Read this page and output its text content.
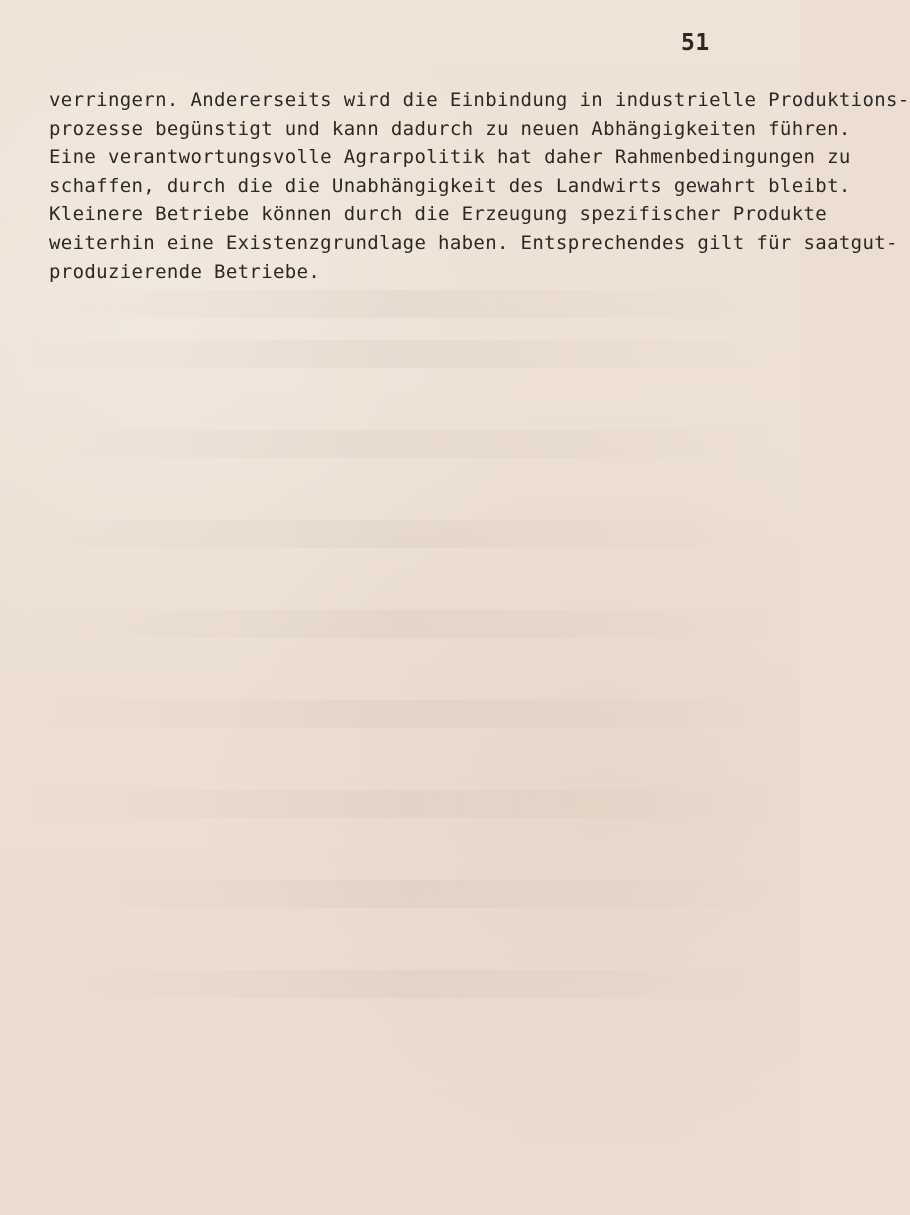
51

verringern. Andererseits wird die Einbindung in industrielle Produktions-
prozesse begünstigt und kann dadurch zu neuen Abhängigkeiten führen.
Eine verantwortungsvolle Agrarpolitik hat daher Rahmenbedingungen zu
schaffen, durch die die Unabhängigkeit des Landwirts gewahrt bleibt.
Kleinere Betriebe können durch die Erzeugung spezifischer Produkte
weiterhin eine Existenzgrundlage haben. Entsprechendes gilt für saatgut-
produzierende Betriebe.
